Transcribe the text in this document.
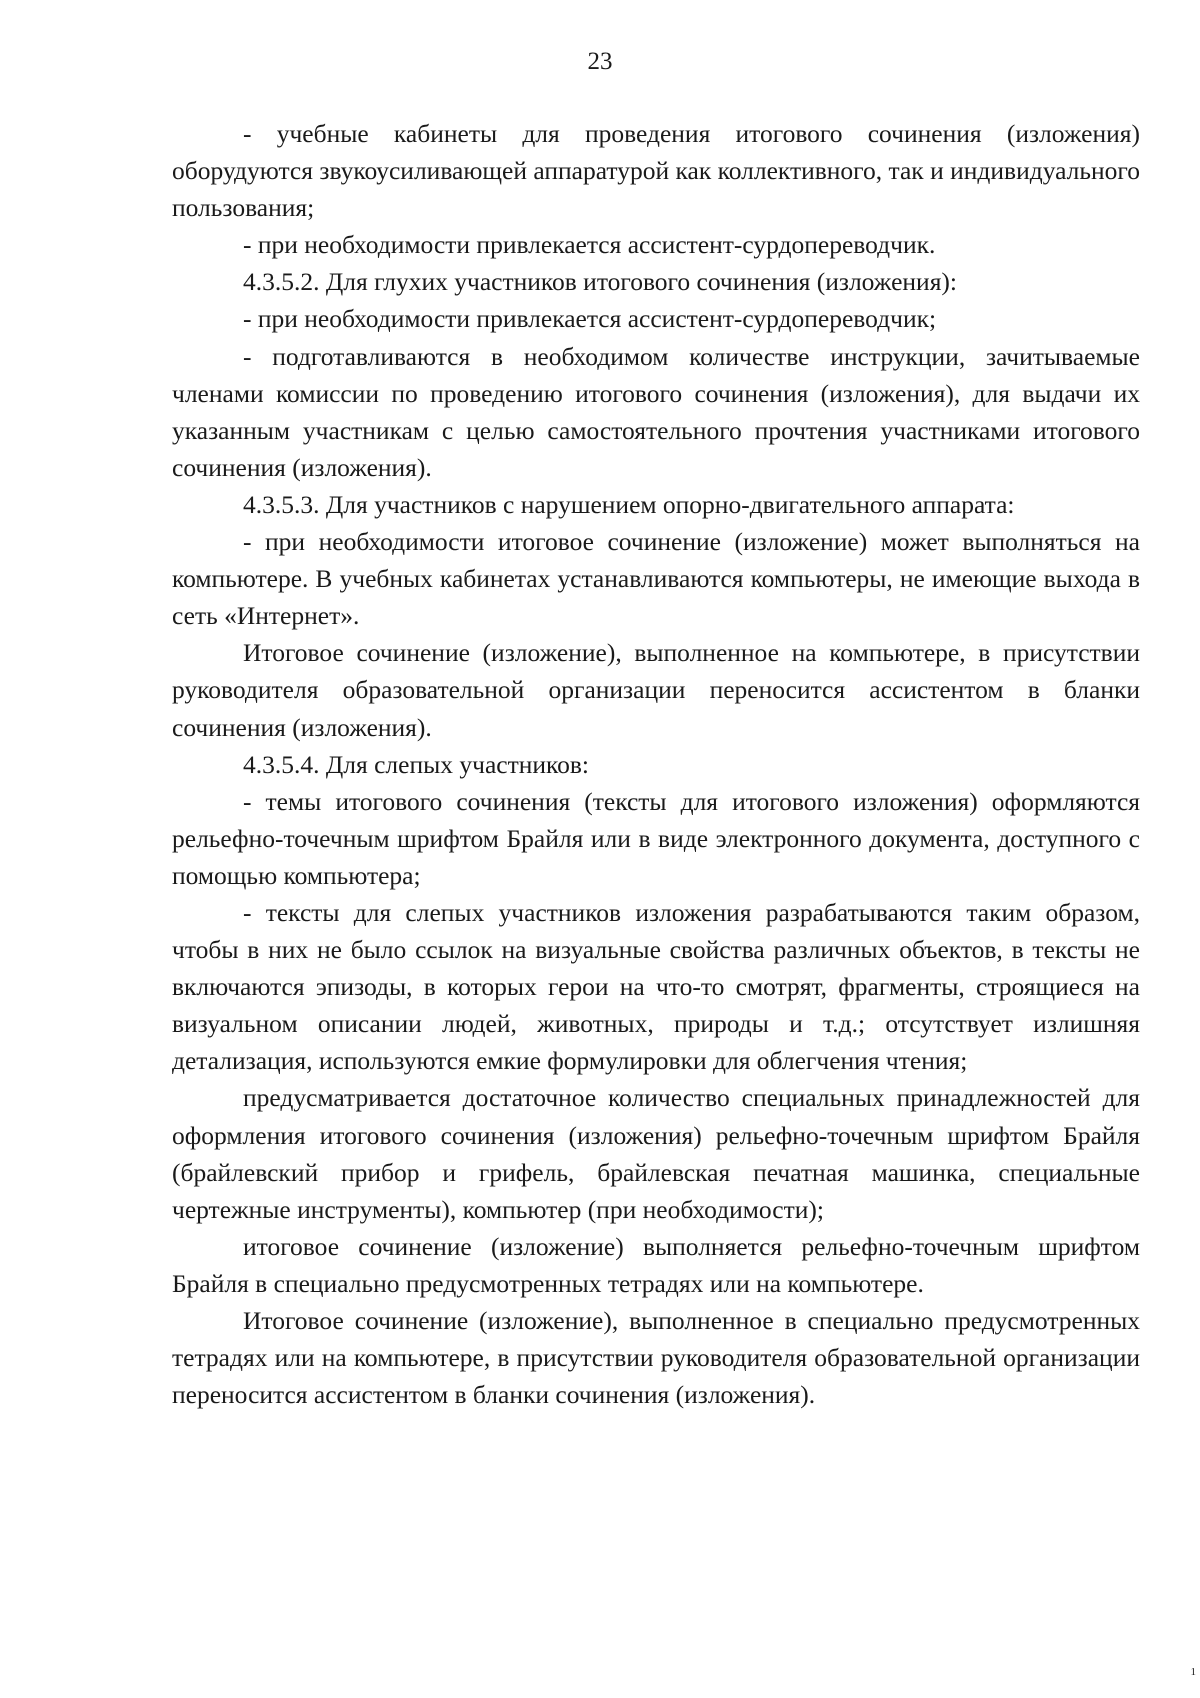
23

- учебные кабинеты для проведения итогового сочинения (изложения) оборудуются звукоусиливающей аппаратурой как коллективного, так и индивидуального пользования;

- при необходимости привлекается ассистент-сурдопереводчик.

4.3.5.2. Для глухих участников итогового сочинения (изложения):

- при необходимости привлекается ассистент-сурдопереводчик;

- подготавливаются в необходимом количестве инструкции, зачитываемые членами комиссии по проведению итогового сочинения (изложения), для выдачи их указанным участникам с целью самостоятельного прочтения участниками итогового сочинения (изложения).

4.3.5.3. Для участников с нарушением опорно-двигательного аппарата:

- при необходимости итоговое сочинение (изложение) может выполняться на компьютере. В учебных кабинетах устанавливаются компьютеры, не имеющие выхода в сеть «Интернет».

Итоговое сочинение (изложение), выполненное на компьютере, в присутствии руководителя образовательной организации переносится ассистентом в бланки сочинения (изложения).

4.3.5.4. Для слепых участников:

- темы итогового сочинения (тексты для итогового изложения) оформляются рельефно-точечным шрифтом Брайля или в виде электронного документа, доступного с помощью компьютера;

- тексты для слепых участников изложения разрабатываются таким образом, чтобы в них не было ссылок на визуальные свойства различных объектов, в тексты не включаются эпизоды, в которых герои на что-то смотрят, фрагменты, строящиеся на визуальном описании людей, животных, природы и т.д.; отсутствует излишняя детализация, используются емкие формулировки для облегчения чтения;

предусматривается достаточное количество специальных принадлежностей для оформления итогового сочинения (изложения) рельефно-точечным шрифтом Брайля (брайлевский прибор и грифель, брайлевская печатная машинка, специальные чертежные инструменты), компьютер (при необходимости);

итоговое сочинение (изложение) выполняется рельефно-точечным шрифтом Брайля в специально предусмотренных тетрадях или на компьютере.

Итоговое сочинение (изложение), выполненное в специально предусмотренных тетрадях или на компьютере, в присутствии руководителя образовательной организации переносится ассистентом в бланки сочинения (изложения).

1
